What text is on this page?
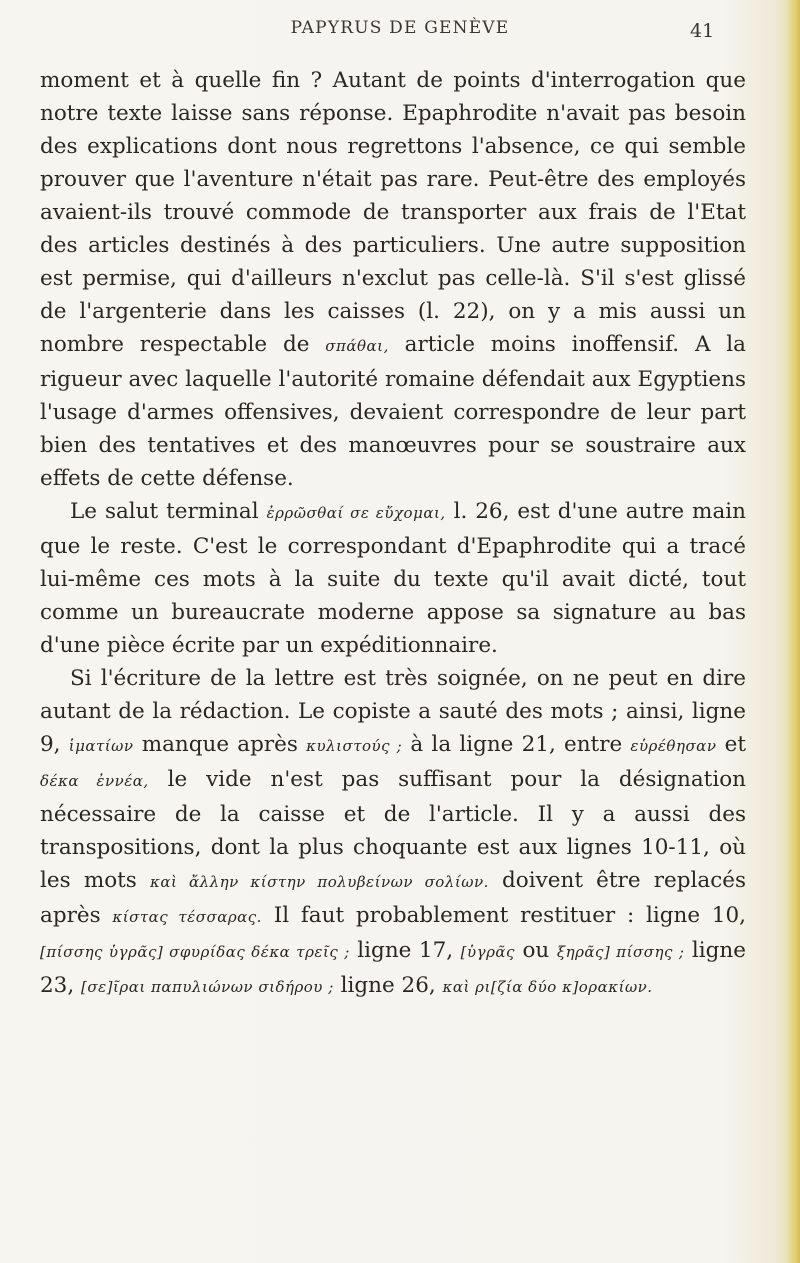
PAPYRUS DE GENÈVE	41

moment et à quelle fin ? Autant de points d'interrogation que notre texte laisse sans réponse. Epaphrodite n'avait pas besoin des explications dont nous regrettons l'absence, ce qui semble prouver que l'aventure n'était pas rare. Peut-être des employés avaient-ils trouvé commode de transporter aux frais de l'Etat des articles destinés à des particuliers. Une autre supposition est permise, qui d'ailleurs n'exclut pas celle-là. S'il s'est glissé de l'argenterie dans les caisses (l. 22), on y a mis aussi un nombre respectable de σπάθαι, article moins inoffensif. A la rigueur avec laquelle l'autorité romaine défendait aux Egyptiens l'usage d'armes offensives, devaient correspondre de leur part bien des tentatives et des manœuvres pour se soustraire aux effets de cette défense.

Le salut terminal ἐρρῶσθαί σε εὔχομαι, l. 26, est d'une autre main que le reste. C'est le correspondant d'Epaphrodite qui a tracé lui-même ces mots à la suite du texte qu'il avait dicté, tout comme un bureaucrate moderne appose sa signature au bas d'une pièce écrite par un expéditionnaire.

Si l'écriture de la lettre est très soignée, on ne peut en dire autant de la rédaction. Le copiste a sauté des mots ; ainsi, ligne 9, ἱματίων manque après κυλιστούς ; à la ligne 21, entre εὑρέθησαν et δέκα ἐννέα, le vide n'est pas suffisant pour la désignation nécessaire de la caisse et de l'article. Il y a aussi des transpositions, dont la plus choquante est aux lignes 10-11, où les mots καὶ ἄλλην κίστην πολυβείνων σολίων. doivent être replacés après κίστας τέσσαρας. Il faut probablement restituer : ligne 10, [πίσσης ὑγρᾶς] σφυρίδας δέκα τρεῖς ; ligne 17, [ὑγρᾶς ou ξηρᾶς] πίσσης ; ligne 23, [σε]ῖραι παπυλιώνων σιδήρου ; ligne 26, καὶ ρι[ζία δύο κ]ορακίων.
